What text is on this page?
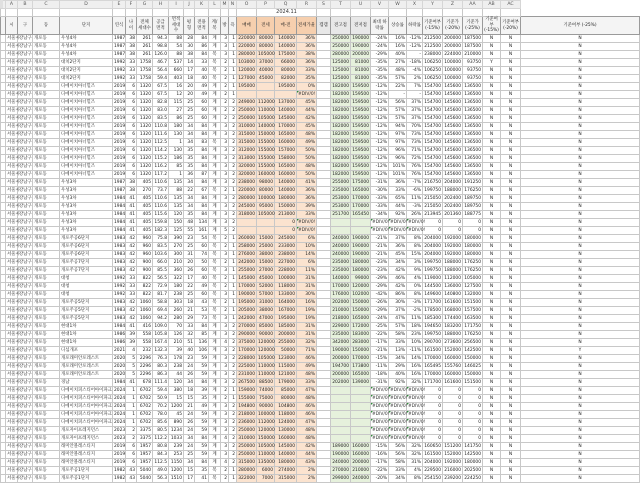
	A	B	C	D	E	F	G	H	I	J	K	L	M	N	O	P	Q	R	S	T	U	V	W	X	Y	Z	AA	AB	AC	
																2024.11														
	시	구	동	단지	연식	나이	전체 세대수	공급 면적	면적 세대수	평형	전용 면적	계/복	방	욕	매매	전세	매-전	전세가율	갭갭	전고점	전저점	최대 하락률	상승률	하락률	기준여부 (-15%)	기준가 (-20%)	기준가 (-25%)	기준여부 (-15%)	기준여부 (-20%)	기준여부 (-25%)
	서울시	강남구	개포동	우성4차	1987	38	261	94.3	88	28	84	계	3	1	220000	80000	140000	36%		250000	190000	-24%	16%	-12%	212500	200000	187500	N	N	N
	서울시	강남구	개포동	우성4차	1987	38	261	98.8	54	30	86	계	3	1	220000	80000	140000	36%		250000	190000	-24%	16%	-12%	212500	200000	187500	N	N	N
	서울시	강남구	개포동	우성4차	1987	38	261	126.0	88	38	84	복	3	1	280000	105000	175000	38%		280000	200000	-29%	40%	-	238000	224000	210000	N	N	N
	서울시	강남구	개포동	대치2단지	1992	33	1758	46.7	537	14	33	복	2	1	103000	37000	66000	36%		125000	81000	-35%	27%	-18%	106250	100000	93750	Y	N	N
	서울시	강남구	개포동	대치2단지	1992	33	1758	56.4	660	17	40	복	2	1	120000	40000	80000	33%		125000	81000	-35%	48%	-4%	106250	100000	93750	N	N	N
	서울시	강남구	개포동	대치2단지	1992	33	1758	59.4	403	18	40	복	2	1	127000	45000	82000	35%		125000	81000	-35%	57%	2%	106250	100000	93750	N	N	N
	서울시	강남구	개포동	디에이치아너힐즈	2019	6	1320	67.5	16	20	49	계	2	1	195000		195000	0%		182000	159500	-12%	22%	7%	154700	145600	136500	N	N	N
	서울시	강남구	개포동	디에이치아너힐즈	2019	6	1320	67.5	12	20	49	계	2	1				#DIV/0!		182000	159500	-12%	-	-	154700	145600	136500	N	N	N
	서울시	강남구	개포동	디에이치아너힐즈	2019	6	1320	82.8	115	25	60	계	2	2	249000	112000	137000	45%		182000	159500	-12%	56%	37%	154700	145600	136500	N	N	N
	서울시	강남구	개포동	디에이치아너힐즈	2019	6	1320	83.0	27	25	60	계	2	2	250000	110000	140000	44%		182000	159500	-12%	57%	37%	154700	145600	136500	N	N	N
	서울시	강남구	개포동	디에이치아너힐즈	2019	6	1320	83.5	86	25	60	계	2	2	250000	105000	145000	42%		182000	159500	-12%	57%	37%	154700	145600	136500	N	N	N
	서울시	강남구	개포동	디에이치아너힐즈	2019	6	1320	110.8	180	34	84	계	3	2	310000	140000	170000	45%		182000	159500	-12%	94%	70%	154700	145600	136500	N	N	N
	서울시	강남구	개포동	디에이치아너힐즈	2019	6	1320	111.6	130	34	84	계	3	2	315000	150000	165000	48%		182000	159500	-12%	97%	73%	154700	145600	136500	N	N	N
	서울시	강남구	개포동	디에이치아너힐즈	2019	6	1320	112.5	1	34	83	복	3	2	315000	155000	160000	49%		182000	159500	-12%	97%	73%	154700	145600	136500	N	N	N
	서울시	강남구	개포동	디에이치아너힐즈	2019	6	1320	114.2	130	35	84	계	3	2	312000	155000	157000	50%		182000	159500	-12%	96%	71%	154700	145600	136500	N	N	N
	서울시	강남구	개포동	디에이치아너힐즈	2019	6	1320	115.2	186	35	84	계	3	2	313000	155000	158000	50%		182000	159500	-12%	96%	72%	154700	145600	136500	N	N	N
	서울시	강남구	개포동	디에이치아너힐즈	2019	6	1320	116.2	85	35	84	계	3	2	320000	155000	165000	48%		182000	159500	-12%	101%	76%	154700	145600	136500	N	N	N
	서울시	강남구	개포동	디에이치아너힐즈	2019	6	1320	117.2	1	36	87	계	3	2	320000	160000	160000	50%		182000	159500	-12%	101%	76%	154700	145600	136500	N	N	N
	서울시	강남구	개포동	우성3차	1987	38	405	110.6	135	34	84	계	3	2	238000	98000	140000	41%		255000	175000	-31%	36%	-7%	216750	204000	191250	N	N	N
	서울시	강남구	개포동	우성3차	1987	38	270	73.7	88	22	67	복	2	1	220000	80000	140000	36%		235000	165000	-30%	33%	-6%	199750	188000	176250	N	N	N
	서울시	강남구	개포동	우성3차	1984	41	405	110.6	135	34	84	계	3	2	280000	100000	180000	36%		253000	170000	-33%	65%	11%	215050	202400	189750	N	N	N
	서울시	강남구	개포동	우성3차	1984	41	405	110.6	135	34	84	계	3	2	245000	95000	150000	39%		253000	170000	-33%	44%	-3%	215050	202400	189750	N	N	N
	서울시	강남구	개포동	우성3차	1984	41	405	115.6	120	35	84	계	3	2	318000	105000	213000	33%		251700	165450	-34%	92%	26%	213945	201360	188775	N	N	N
	서울시	강남구	개포동	우성3차	1984	41	405	159.8	150	48	134	계	3	2			0	#DIV/0!				#DIV/0!	#DIV/0!	#DIV/0!	0	0	0	N	N	N
	서울시	강남구	개포동	우성3차	1984	41	405	182.3	125	55	161	계	5	2			0	#DIV/0!				#DIV/0!	#DIV/0!	#DIV/0!	0	0	0	N	N	N
	서울시	강남구	개포동	개포주공6단지	1983	42	960	75.8	390	23	54	복	2	1	260000	15000	245000	6%		240000	190000	-21%	37%	8%	204000	192000	180000	N	N	N
	서울시	강남구	개포동	개포주공6단지	1983	42	960	83.5	270	25	60	복	2	1	258000	25000	233000	10%		240000	190000	-21%	36%	8%	204000	192000	180000	N	N	N
	서울시	강남구	개포동	개포주공6단지	1983	42	960	103.6	300	31	74	복	3	1	276000	38000	238000	14%		240000	190000	-21%	45%	15%	204000	192000	180000	N	N	N
	서울시	강남구	개포동	개포주공7단지	1983	42	900	66.0	210	20	50	복	2	1	242000	15000	227000	6%		235000	180000	-23%	34%	3%	199750	188000	176250	N	N	N
	서울시	강남구	개포동	개포주공7단지	1983	42	900	85.5	360	26	60	복	3	1	255000	27000	228000	11%		235000	180000	-23%	42%	9%	199750	188000	176250	N	N	N
	서울시	강남구	개포동	대청	1992	33	822	56.5	322	17	40	복	2	1	145000	45000	100000	31%		140000	99000	-29%	46%	4%	119000	112000	105000	N	N	N
	서울시	강남구	개포동	대청	1992	33	822	72.9	180	22	49	복	2	1	170000	52000	118000	31%		170000	120000	-29%	42%	0%	144500	136000	127500	N	N	N
	서울시	강남구	개포동	대청	1992	33	822	81.7	238	25	60	복	3	1	190000	57000	133000	30%		176000	102000	-42%	86%	8%	149600	140800	132000	N	N	N
	서울시	강남구	개포동	개포주공5단지	1983	42	1060	58.8	303	18	43	복	2	1	195000	31000	164000	16%		202000	150000	-26%	30%	-3%	171700	161600	151500	N	N	N
	서울시	강남구	개포동	개포주공5단지	1983	42	1060	69.4	260	21	53	복	2	1	205000	38000	167000	19%		210000	150000	-29%	37%	-2%	178500	168000	157500	N	N	N
	서울시	강남구	개포동	개포주공5단지	1983	42	1060	94.2	280	29	73	복	3	1	242000	47000	195000	19%		218000	165000	-24%	47%	11%	185300	174400	163500	N	N	N
	서울시	강남구	개포동	현대1차	1984	41	416	109.0	70	33	84	계	3	2	270000	85000	185000	31%		229000	172000	-25%	57%	18%	194650	183200	171750	N	N	N
	서울시	강남구	개포동	현대1차	1986	39	558	105.8	126	32	85	계	3	2	290000	90000	200000	31%		235000	183000	-22%	58%	23%	199750	188000	176250	N	N	N
	서울시	강남구	개포동	현대1차	1986	39	558	167.4	210	51	136	계	4	2	375000	120000	255000	32%		342000	283000	-17%	33%	10%	290700	273600	256500	N	N	N
	서울시	강남구	개포동	디섬개포	2021	4	232	132.3	39	40	106	계	3	2	170000	120000	50000	71%		190000	150000	-21%	13%	-11%	161500	152000	142500	N	N	Y
	서울시	강남구	개포동	개포래미안포레스트	2020	5	2296	76.3	178	23	59	계	3	2	228000	105000	123000	46%		200000	170000	-15%	34%	14%	170000	160000	150000	N	N	N
	서울시	강남구	개포동	개포래미안포레스트	2020	5	2296	80.3	238	24	59	계	3	2	225000	110000	115000	49%		194700	173800	-11%	29%	16%	165495	155760	146025	N	N	N
	서울시	강남구	개포동	개포래미안포레스트	2020	5	2296	86.3	44	26	59	계	3	2	231000	110000	121000	48%		200000	165000	-18%	40%	16%	170000	160000	150000	N	N	N
	서울시	강남구	개포동	경남	1984	41	678	111.4	120	34	84	계	3	2	267500	88500	179000	33%		202000	139000	-31%	92%	32%	171700	161600	151500	N	N	N
	서울시	강남구	개포동	디에이치퍼스티어아이파크	2024	1	6702	59.4	380	18	39	계	2	1	159000	74000	85000	47%				#DIV/0!	#DIV/0!	#DIV/0!	0	0	0	N	N	N
	서울시	강남구	개포동	디에이치퍼스티어아이파크	2024	1	6702	50.9	15	15	35	계	2	1	155000	75000	80000	48%				#DIV/0!	#DIV/0!	#DIV/0!	0	0	0	N	N	N
	서울시	강남구	개포동	디에이치퍼스티어아이파크	2024	1	6702	70.2	1200	21	49	계	3	2	194800	90000	104800	46%				#DIV/0!	#DIV/0!	#DIV/0!	0	0	0	N	N	N
	서울시	강남구	개포동	디에이치퍼스티어아이파크	2024	1	6702	78.0	45	24	59	계	3	2	218000	100000	118000	46%				#DIV/0!	#DIV/0!	#DIV/0!	0	0	0	N	N	N
	서울시	강남구	개포동	디에이치퍼스티어아이파크	2024	1	6702	85.6	890	26	59	계	3	2	236000	112000	124000	47%				#DIV/0!	#DIV/0!	#DIV/0!	0	0	0	N	N	N
	서울시	강남구	개포동	개포자이프레지던스	2023	2	3375	80.5	1234	24	59	계	3	2	250000	120000	130000	48%				#DIV/0!	#DIV/0!	#DIV/0!	0	0	0	N	N	N
	서울시	강남구	개포동	개포자이프레지던스	2023	2	3375	112.2	1033	34	84	계	4	2	310000	150000	160000	48%				#DIV/0!	#DIV/0!	#DIV/0!	0	0	0	N	N	N
	서울시	강남구	개포동	래미안블레스티지	2019	6	1957	80.8	239	24	59	계	3	2	250000	105000	145000	42%		189000	160000	-15%	56%	32%	160650	151200	141750	N	N	N
	서울시	강남구	개포동	래미안블레스티지	2019	6	1957	84.3	253	25	59	계	3	2	250000	110000	140000	44%		190000	160000	-16%	56%	32%	161500	152000	142500	N	N	N
	서울시	강남구	개포동	래미안블레스티지	2019	6	1957	112.5	1150	34	84	계	4	2	315000	135000	180000	43%		240000	200000	-17%	58%	31%	204000	192000	180000	N	N	N
	서울시	강남구	개포동	개포주공1단지	1982	43	5040	49.0	1200	15	35	복	2	1	280000	6000	274000	2%		270000	210000	-22%	33%	4%	229500	216000	202500	N	N	N
	서울시	강남구	개포동	개포주공1단지	1982	43	5040	56.3	1510	17	41	복	2	1	322000	7000	315000	2%		299000	240000	-20%	34%	8%	254150	239200	224250	N	N	N
